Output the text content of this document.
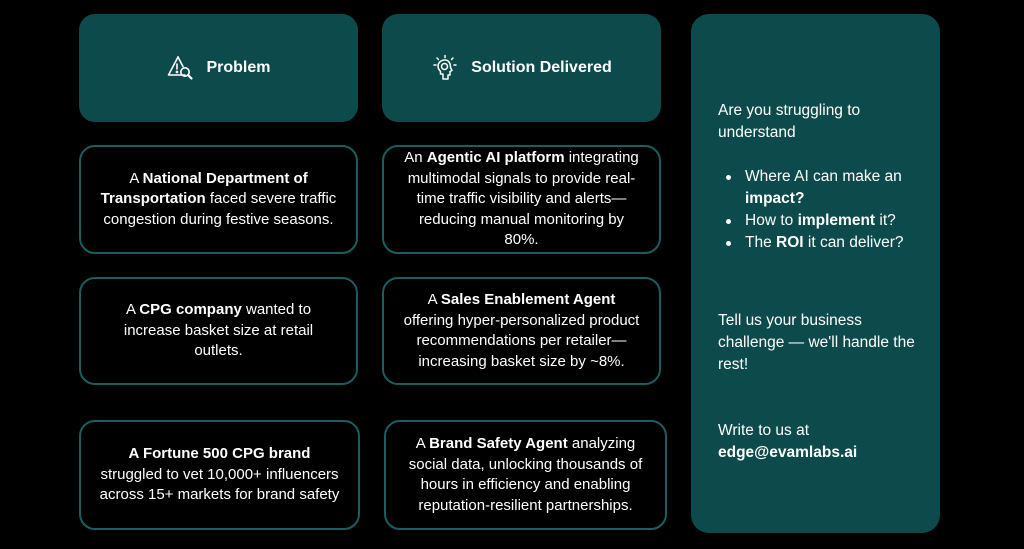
Problem	Solution Delivered

A National Department of Transportation faced severe traffic congestion during festive seasons.

An Agentic AI platform integrating multimodal signals to provide real-time traffic visibility and alerts—reducing manual monitoring by 80%.

A CPG company wanted to increase basket size at retail outlets.

A Sales Enablement Agent offering hyper-personalized product recommendations per retailer—increasing basket size by ~8%.

A Fortune 500 CPG brand struggled to vet 10,000+ influencers across 15+ markets for brand safety

A Brand Safety Agent analyzing social data, unlocking thousands of hours in efficiency and enabling reputation-resilient partnerships.

Are you struggling to understand

Where AI can make an impact?
How to implement it?
The ROI it can deliver?

Tell us your business challenge — we'll handle the rest!

Write to us at

edge@evamlabs.ai
